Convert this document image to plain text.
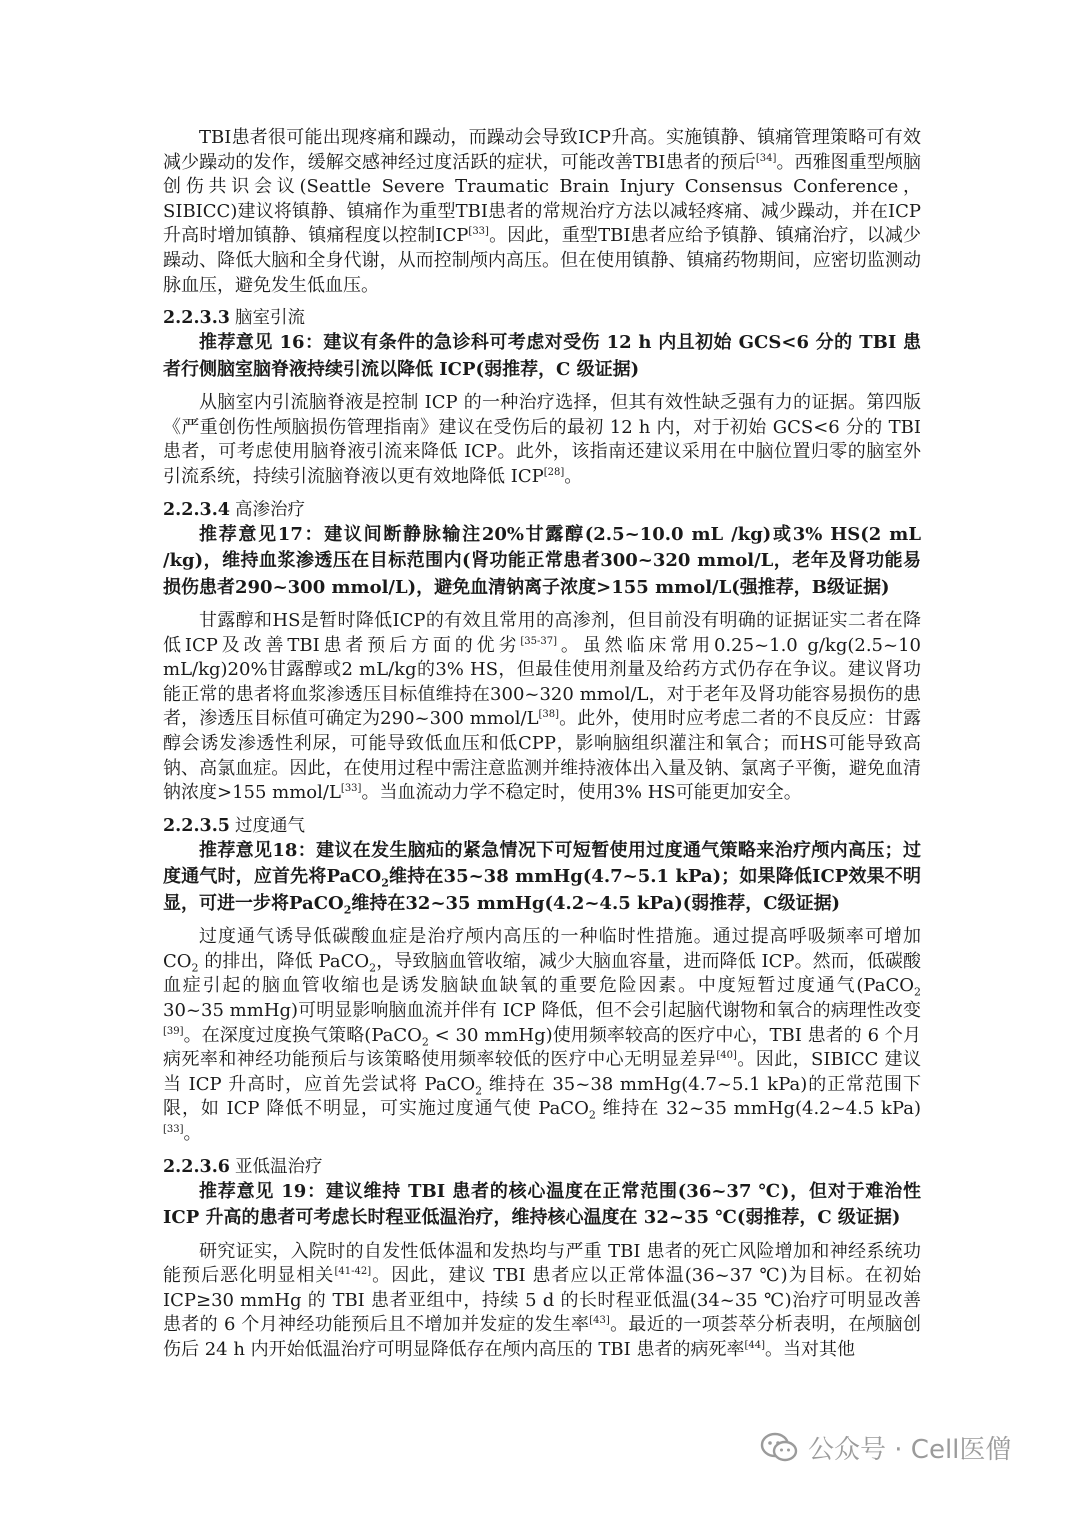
TBI患者很可能出现疼痛和躁动，而躁动会导致ICP升高。实施镇静、镇痛管理策略可有效减少躁动的发作，缓解交感神经过度活跃的症状，可能改善TBI患者的预后[34]。西雅图重型颅脑创伤共识会议(Seattle Severe Traumatic Brain Injury Consensus Conference，SIBICC)建议将镇静、镇痛作为重型TBI患者的常规治疗方法以减轻疼痛、减少躁动，并在ICP升高时增加镇静、镇痛程度以控制ICP[33]。因此，重型TBI患者应给予镇静、镇痛治疗，以减少躁动、降低大脑和全身代谢，从而控制颅内高压。但在使用镇静、镇痛药物期间，应密切监测动脉血压，避免发生低血压。

2.2.3.3 脑室引流

推荐意见 16：建议有条件的急诊科可考虑对受伤 12 h 内且初始 GCS<6 分的 TBI 患者行侧脑室脑脊液持续引流以降低 ICP(弱推荐，C 级证据)

从脑室内引流脑脊液是控制 ICP 的一种治疗选择，但其有效性缺乏强有力的证据。第四版《严重创伤性颅脑损伤管理指南》建议在受伤后的最初 12 h 内，对于初始 GCS<6 分的 TBI 患者，可考虑使用脑脊液引流来降低 ICP。此外，该指南还建议采用在中脑位置归零的脑室外引流系统，持续引流脑脊液以更有效地降低 ICP[28]。

2.2.3.4 高渗治疗

推荐意见17：建议间断静脉输注20%甘露醇(2.5~10.0 mL /kg)或3% HS(2 mL /kg)，维持血浆渗透压在目标范围内(肾功能正常患者300~320 mmol/L，老年及肾功能易损伤患者290~300 mmol/L)，避免血清钠离子浓度>155 mmol/L(强推荐，B级证据)

甘露醇和HS是暂时降低ICP的有效且常用的高渗剂，但目前没有明确的证据证实二者在降低ICP及改善TBI患者预后方面的优劣[35-37]。虽然临床常用0.25~1.0 g/kg(2.5~10 mL/kg)20%甘露醇或2 mL/kg的3% HS，但最佳使用剂量及给药方式仍存在争议。建议肾功能正常的患者将血浆渗透压目标值维持在300~320 mmol/L，对于老年及肾功能容易损伤的患者，渗透压目标值可确定为290~300 mmol/L[38]。此外，使用时应考虑二者的不良反应：甘露醇会诱发渗透性利尿，可能导致低血压和低CPP，影响脑组织灌注和氧合；而HS可能导致高钠、高氯血症。因此，在使用过程中需注意监测并维持液体出入量及钠、氯离子平衡，避免血清钠浓度>155 mmol/L[33]。当血流动力学不稳定时，使用3% HS可能更加安全。

2.2.3.5 过度通气

推荐意见18：建议在发生脑疝的紧急情况下可短暂使用过度通气策略来治疗颅内高压；过度通气时，应首先将PaCO$_2$维持在35~38 mmHg(4.7~5.1 kPa)；如果降低ICP效果不明显，可进一步将PaCO$_2$维持在32~35 mmHg(4.2~4.5 kPa)(弱推荐，C级证据)

过度通气诱导低碳酸血症是治疗颅内高压的一种临时性措施。通过提高呼吸频率可增加 $CO_2$ 的排出，降低 PaCO$_2$，导致脑血管收缩，减少大脑血容量，进而降低 ICP。然而，低碳酸血症引起的脑血管收缩也是诱发脑缺血缺氧的重要危险因素。中度短暂过度通气(PaCO$_2$ 30~35 mmHg)可明显影响脑血流并伴有 ICP 降低，但不会引起脑代谢物和氧合的病理性改变[39]。在深度过度换气策略(PaCO$_2$ < 30 mmHg)使用频率较高的医疗中心，TBI 患者的 6 个月病死率和神经功能预后与该策略使用频率较低的医疗中心无明显差异[40]。因此，SIBICC 建议当 ICP 升高时，应首先尝试将 PaCO$_2$ 维持在 35~38 mmHg(4.7~5.1 kPa)的正常范围下限，如 ICP 降低不明显，可实施过度通气使 PaCO$_2$ 维持在 32~35 mmHg(4.2~4.5 kPa)[33]。

2.2.3.6 亚低温治疗

推荐意见 19：建议维持 TBI 患者的核心温度在正常范围(36~37 ℃)，但对于难治性 ICP 升高的患者可考虑长时程亚低温治疗，维持核心温度在 32~35 ℃(弱推荐，C 级证据)

研究证实，入院时的自发性低体温和发热均与严重 TBI 患者的死亡风险增加和神经系统功能预后恶化明显相关[41-42]。因此，建议 TBI 患者应以正常体温(36~37 ℃)为目标。在初始 ICP≥30 mmHg 的 TBI 患者亚组中，持续 5 d 的长时程亚低温(34~35 ℃)治疗可明显改善患者的 6 个月神经功能预后且不增加并发症的发生率[43]。最近的一项荟萃分析表明，在颅脑创伤后 24 h 内开始低温治疗可明显降低存在颅内高压的 TBI 患者的病死率[44]。当对其他

公众号 · Cell医僧
